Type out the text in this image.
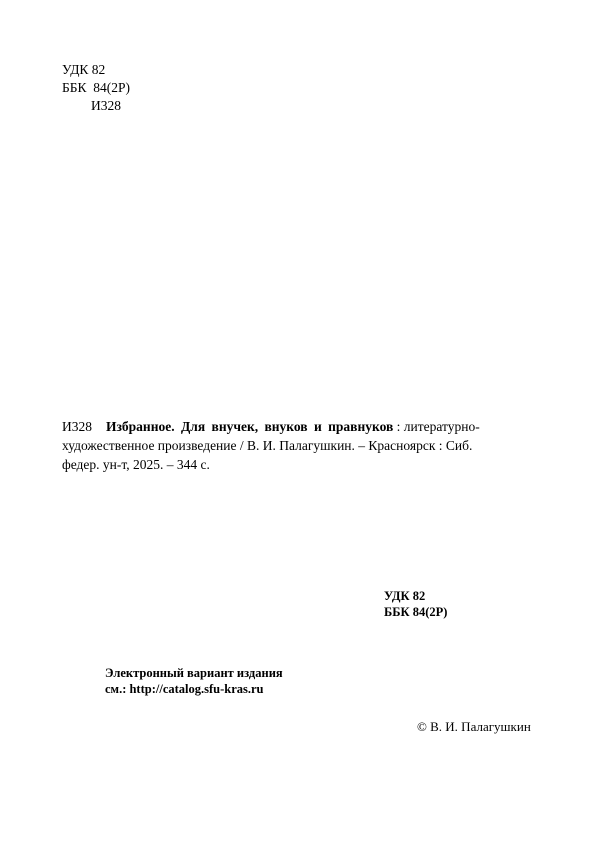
УДК 82
ББК  84(2Р)
И328
И328 Избранное. Для внучек, внуков и правнуков : литературно-
художественное произведение / В. И. Палагушкин. – Красноярск : Сиб.
федер. ун-т, 2025. – 344 с.
УДК 82
ББК 84(2Р)
Электронный вариант издания
см.: http://catalog.sfu-kras.ru
© В. И. Палагушкин
